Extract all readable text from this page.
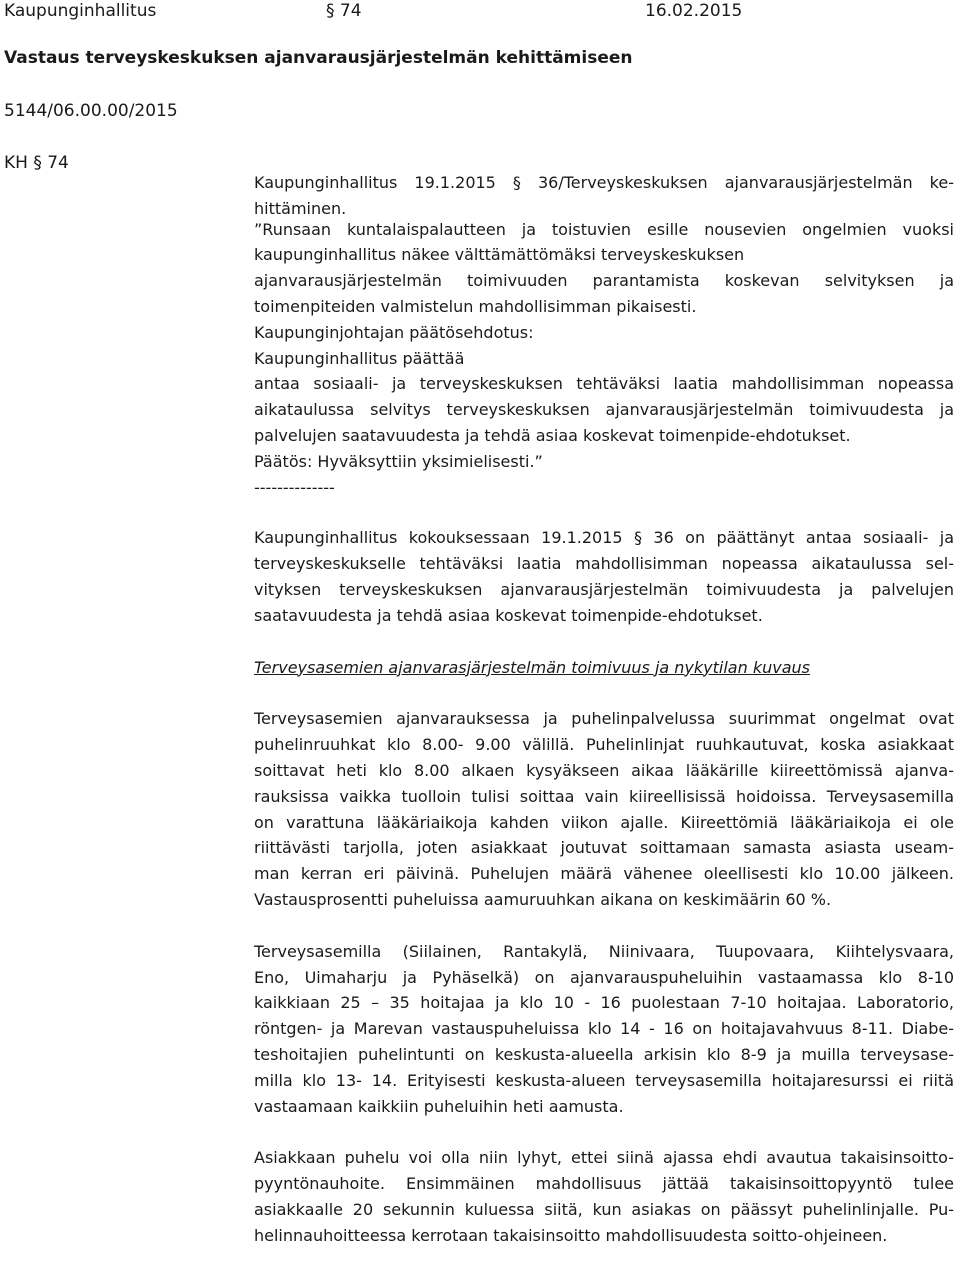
Kaupunginhallitus	§ 74	16.02.2015
Vastaus terveyskeskuksen ajanvarausjärjestelmän kehittämiseen
5144/06.00.00/2015
KH § 74

Kaupunginhallitus 19.1.2015 § 36/Terveyskeskuksen ajanvarausjärjestelmän ke-
hittäminen.

”Runsaan kuntalaispalautteen ja toistuvien esille nousevien ongelmien vuoksi
kaupunginhallitus näkee välttämättömäksi terveyskeskuksen
ajanvarausjärjestelmän toimivuuden parantamista koskevan selvityksen ja
toimenpiteiden valmistelun mahdollisimman pikaisesti.
Kaupunginjohtajan päätösehdotus:
Kaupunginhallitus päättää
antaa sosiaali- ja terveyskeskuksen tehtäväksi laatia mahdollisimman nopeassa
aikataulussa selvitys terveyskeskuksen ajanvarausjärjestelmän toimivuudesta ja
palvelujen saatavuudesta ja tehdä asiaa koskevat toimenpide-ehdotukset.
Päätös: Hyväksyttiin yksimielisesti.”
--------------

Kaupunginhallitus kokouksessaan 19.1.2015 § 36 on päättänyt antaa sosiaali- ja
terveyskeskukselle tehtäväksi laatia mahdollisimman nopeassa aikataulussa sel-
vityksen terveyskeskuksen ajanvarausjärjestelmän toimivuudesta ja palvelujen
saatavuudesta ja tehdä asiaa koskevat toimenpide-ehdotukset.

Terveysasemien ajanvarasjärjestelmän toimivuus ja nykytilan kuvaus

Terveysasemien ajanvarauksessa ja puhelinpalvelussa suurimmat ongelmat ovat
puhelinruuhkat klo 8.00- 9.00 välillä. Puhelinlinjat ruuhkautuvat, koska asiakkaat
soittavat heti klo 8.00 alkaen kysyäkseen aikaa lääkärille kiireettömissä ajanva-
rauksissa vaikka tuolloin tulisi soittaa vain kiireellisissä hoidoissa. Terveysasemilla
on varattuna lääkäriaikoja kahden viikon ajalle. Kiireettömiä lääkäriaikoja ei ole
riittävästi tarjolla, joten asiakkaat joutuvat soittamaan samasta asiasta useam-
man kerran eri päivinä. Puhelujen määrä vähenee oleellisesti klo 10.00 jälkeen.
Vastausprosentti puheluissa aamuruuhkan aikana on keskimäärin 60 %.

Terveysasemilla (Siilainen, Rantakylä, Niinivaara, Tuupovaara, Kiihtelysvaara,
Eno, Uimaharju ja Pyhäselkä) on ajanvarauspuheluihin vastaamassa klo 8-10
kaikkiaan 25 – 35 hoitajaa ja klo 10 - 16 puolestaan 7-10 hoitajaa. Laboratorio,
röntgen- ja Marevan vastauspuheluissa klo 14 - 16 on hoitajavahvuus 8-11. Diabe-
teshoitajien puhelintunti on keskusta-alueella arkisin klo 8-9 ja muilla terveysase-
milla klo 13- 14. Erityisesti keskusta-alueen terveysasemilla hoitajaresurssi ei riitä
vastaamaan kaikkiin puheluihin heti aamusta.

Asiakkaan puhelu voi olla niin lyhyt, ettei siinä ajassa ehdi avautua takaisinsoitto-
pyyntönauhoite. Ensimmäinen mahdollisuus jättää takaisinsoittopyyntö tulee
asiakkaalle 20 sekunnin kuluessa siitä, kun asiakas on päässyt puhelinlinjalle. Pu-
helinnauhoitteessa kerrotaan takaisinsoitto mahdollisuudesta soitto-ohjeineen.
